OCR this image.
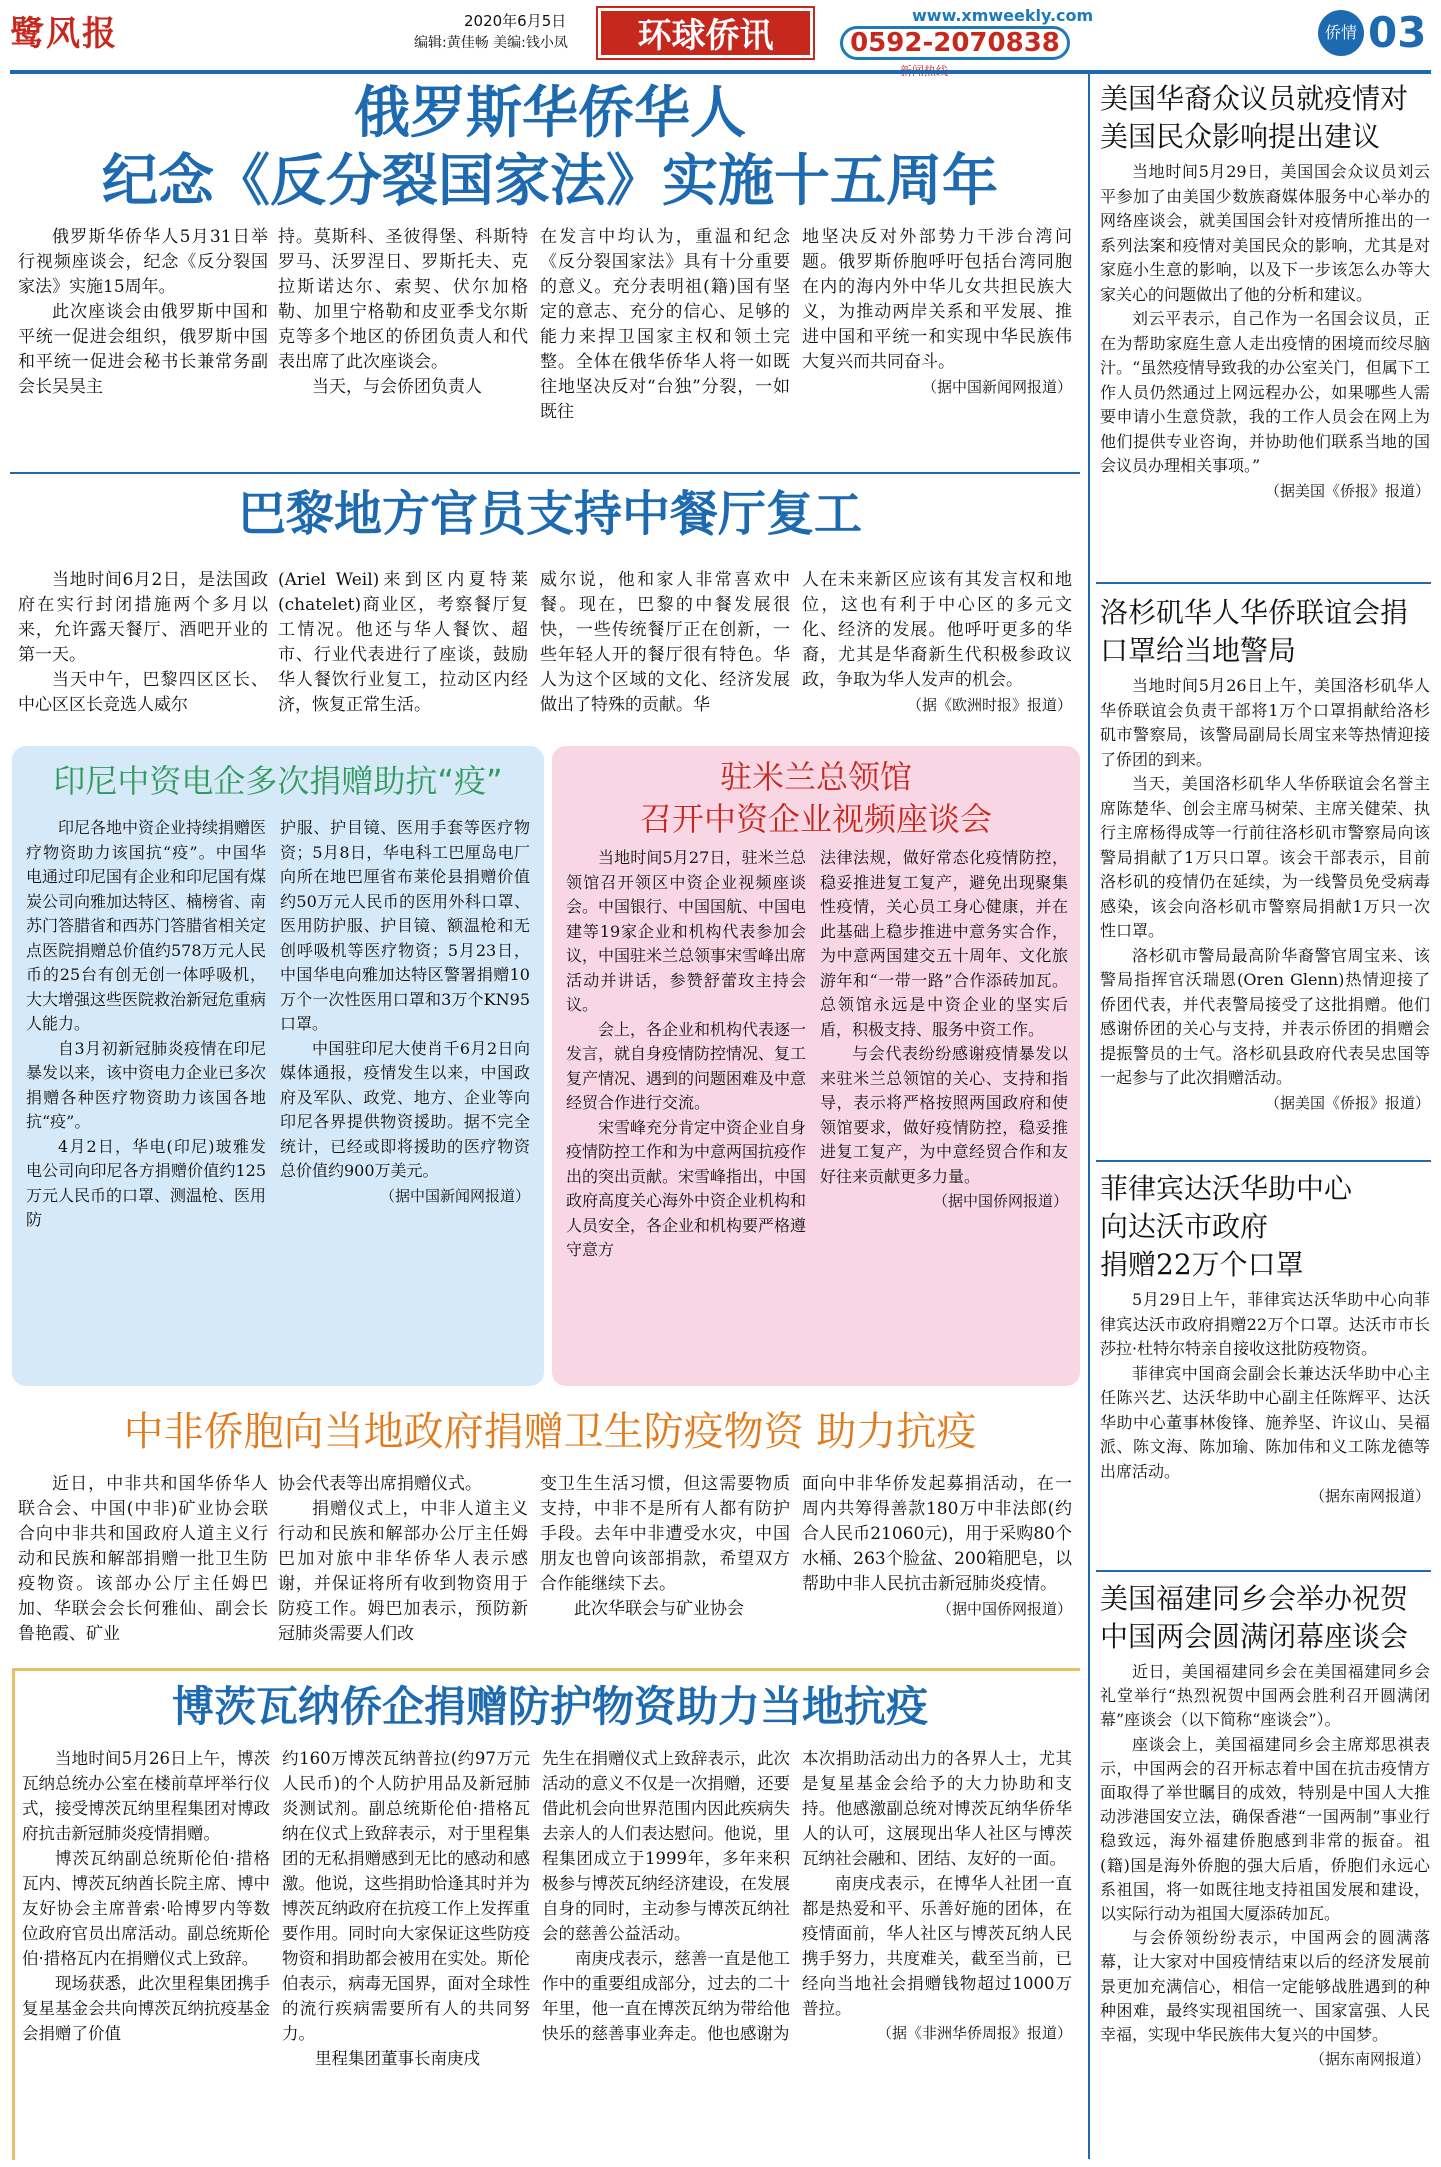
鹭风报	2020年6月5日
编辑:黄佳畅 美编:钱小凤	环球侨讯
www.xmweekly.com
0592-2070838	侨情 03
俄罗斯华侨华人
纪念《反分裂国家法》实施十五周年

俄罗斯华侨华人5月31日举行视频座谈会，纪念《反分裂国家法》实施15周年。

此次座谈会由俄罗斯中国和平统一促进会组织，俄罗斯中国和平统一促进会秘书长兼常务副会长吴昊主

持。莫斯科、圣彼得堡、科斯特罗马、沃罗涅日、罗斯托夫、克拉斯诺达尔、索契、伏尔加格勒、加里宁格勒和皮亚季戈尔斯克等多个地区的侨团负责人和代表出席了此次座谈会。

当天，与会侨团负责人

在发言中均认为，重温和纪念《反分裂国家法》具有十分重要的意义。充分表明祖(籍)国有坚定的意志、充分的信心、足够的能力来捍卫国家主权和领土完整。全体在俄华侨华人将一如既往地坚决反对“台独”分裂，一如既往

地坚决反对外部势力干涉台湾问题。俄罗斯侨胞呼吁包括台湾同胞在内的海内外中华儿女共担民族大义，为推动两岸关系和平发展、推进中国和平统一和实现中华民族伟大复兴而共同奋斗。

（据中国新闻网报道）
巴黎地方官员支持中餐厅复工

当地时间6月2日，是法国政府在实行封闭措施两个多月以来，允许露天餐厅、酒吧开业的第一天。

当天中午，巴黎四区区长、中心区区长竞选人威尔

(Ariel Weil)来到区内夏特莱(chatelet)商业区，考察餐厅复工情况。他还与华人餐饮、超市、行业代表进行了座谈，鼓励华人餐饮行业复工，拉动区内经济，恢复正常生活。

威尔说，他和家人非常喜欢中餐。现在，巴黎的中餐发展很快，一些传统餐厅正在创新，一些年轻人开的餐厅很有特色。华人为这个区域的文化、经济发展做出了特殊的贡献。华

人在未来新区应该有其发言权和地位，这也有利于中心区的多元文化、经济的发展。他呼吁更多的华裔，尤其是华裔新生代积极参政议政，争取为华人发声的机会。

（据《欧洲时报》报道）
印尼中资电企多次捐赠助抗“疫”

印尼各地中资企业持续捐赠医疗物资助力该国抗“疫”。中国华电通过印尼国有企业和印尼国有煤炭公司向雅加达特区、楠榜省、南苏门答腊省和西苏门答腊省相关定点医院捐赠总价值约578万元人民币的25台有创无创一体呼吸机，大大增强这些医院救治新冠危重病人能力。

自3月初新冠肺炎疫情在印尼暴发以来，该中资电力企业已多次捐赠各种医疗物资助力该国各地抗“疫”。

4月2日，华电(印尼)玻雅发电公司向印尼各方捐赠价值约125万元人民币的口罩、测温枪、医用防

护服、护目镜、医用手套等医疗物资；5月8日，华电科工巴厘岛电厂向所在地巴厘省布莱伦县捐赠价值约50万元人民币的医用外科口罩、医用防护服、护目镜、额温枪和无创呼吸机等医疗物资；5月23日，中国华电向雅加达特区警署捐赠10万个一次性医用口罩和3万个KN95口罩。

中国驻印尼大使肖千6月2日向媒体通报，疫情发生以来，中国政府及军队、政党、地方、企业等向印尼各界提供物资援助。据不完全统计，已经或即将援助的医疗物资总价值约900万美元。

（据中国新闻网报道）
驻米兰总领馆
召开中资企业视频座谈会

当地时间5月27日，驻米兰总领馆召开领区中资企业视频座谈会。中国银行、中国国航、中国电建等19家企业和机构代表参加会议，中国驻米兰总领事宋雪峰出席活动并讲话，参赞舒蕾玫主持会议。

会上，各企业和机构代表逐一发言，就自身疫情防控情况、复工复产情况、遇到的问题困难及中意经贸合作进行交流。

宋雪峰充分肯定中资企业自身疫情防控工作和为中意两国抗疫作出的突出贡献。宋雪峰指出，中国政府高度关心海外中资企业机构和人员安全，各企业和机构要严格遵守意方

法律法规，做好常态化疫情防控，稳妥推进复工复产，避免出现聚集性疫情，关心员工身心健康，并在此基础上稳步推进中意务实合作，为中意两国建交五十周年、文化旅游年和“一带一路”合作添砖加瓦。总领馆永远是中资企业的坚实后盾，积极支持、服务中资工作。

与会代表纷纷感谢疫情暴发以来驻米兰总领馆的关心、支持和指导，表示将严格按照两国政府和使领馆要求，做好疫情防控，稳妥推进复工复产，为中意经贸合作和友好往来贡献更多力量。

（据中国侨网报道）
中非侨胞向当地政府捐赠卫生防疫物资 助力抗疫

近日，中非共和国华侨华人联合会、中国(中非)矿业协会联合向中非共和国政府人道主义行动和民族和解部捐赠一批卫生防疫物资。该部办公厅主任姆巴加、华联会会长何雅仙、副会长鲁艳霞、矿业

协会代表等出席捐赠仪式。

捐赠仪式上，中非人道主义行动和民族和解部办公厅主任姆巴加对旅中非华侨华人表示感谢，并保证将所有收到物资用于防疫工作。姆巴加表示，预防新冠肺炎需要人们改

变卫生生活习惯，但这需要物质支持，中非不是所有人都有防护手段。去年中非遭受水灾，中国朋友也曾向该部捐款，希望双方合作能继续下去。

此次华联会与矿业协会

面向中非华侨发起募捐活动，在一周内共筹得善款180万中非法郎(约合人民币21060元)，用于采购80个水桶、263个脸盆、200箱肥皂，以帮助中非人民抗击新冠肺炎疫情。

（据中国侨网报道）
博茨瓦纳侨企捐赠防护物资助力当地抗疫

当地时间5月26日上午，博茨瓦纳总统办公室在楼前草坪举行仪式，接受博茨瓦纳里程集团对博政府抗击新冠肺炎疫情捐赠。

博茨瓦纳副总统斯伦伯·措格瓦内、博茨瓦纳酋长院主席、博中友好协会主席普索·哈博罗内等数位政府官员出席活动。副总统斯伦伯·措格瓦内在捐赠仪式上致辞。

现场获悉，此次里程集团携手复星基金会共向博茨瓦纳抗疫基金会捐赠了价值

约160万博茨瓦纳普拉(约97万元人民币)的个人防护用品及新冠肺炎测试剂。副总统斯伦伯·措格瓦纳在仪式上致辞表示，对于里程集团的无私捐赠感到无比的感动和感激。他说，这些捐助恰逢其时并为博茨瓦纳政府在抗疫工作上发挥重要作用。同时向大家保证这些防疫物资和捐助都会被用在实处。斯伦伯表示，病毒无国界，面对全球性的流行疾病需要所有人的共同努力。

里程集团董事长南庚戌

先生在捐赠仪式上致辞表示，此次活动的意义不仅是一次捐赠，还要借此机会向世界范围内因此疾病失去亲人的人们表达慰问。他说，里程集团成立于1999年，多年来积极参与博茨瓦纳经济建设，在发展自身的同时，主动参与博茨瓦纳社会的慈善公益活动。

南庚戌表示，慈善一直是他工作中的重要组成部分，过去的二十年里，他一直在博茨瓦纳为带给他快乐的慈善事业奔走。他也感谢为

本次捐助活动出力的各界人士，尤其是复星基金会给予的大力协助和支持。他感激副总统对博茨瓦纳华侨华人的认可，这展现出华人社区与博茨瓦纳社会融和、团结、友好的一面。

南庚戌表示，在博华人社团一直都是热爱和平、乐善好施的团体，在疫情面前，华人社区与博茨瓦纳人民携手努力，共度难关，截至当前，已经向当地社会捐赠钱物超过1000万普拉。

（据《非洲华侨周报》报道）
美国华裔众议员就疫情对美国民众影响提出建议

当地时间5月29日，美国国会众议员刘云平参加了由美国少数族裔媒体服务中心举办的网络座谈会，就美国国会针对疫情所推出的一系列法案和疫情对美国民众的影响，尤其是对家庭小生意的影响，以及下一步该怎么办等大家关心的问题做出了他的分析和建议。

刘云平表示，自己作为一名国会议员，正在为帮助家庭生意人走出疫情的困境而绞尽脑汁。“虽然疫情导致我的办公室关门，但属下工作人员仍然通过上网远程办公，如果哪些人需要申请小生意贷款，我的工作人员会在网上为他们提供专业咨询，并协助他们联系当地的国会议员办理相关事项。”

（据美国《侨报》报道）
洛杉矶华人华侨联谊会捐口罩给当地警局

当地时间5月26日上午，美国洛杉矶华人华侨联谊会负责干部将1万个口罩捐献给洛杉矶市警察局，该警局副局长周宝来等热情迎接了侨团的到来。

当天，美国洛杉矶华人华侨联谊会名誉主席陈楚华、创会主席马树荣、主席关健荣、执行主席杨得成等一行前往洛杉矶市警察局向该警局捐献了1万只口罩。该会干部表示，目前洛杉矶的疫情仍在延续，为一线警员免受病毒感染，该会向洛杉矶市警察局捐献1万只一次性口罩。

洛杉矶市警局最高阶华裔警官周宝来、该警局指挥官沃瑞恩(Oren Glenn)热情迎接了侨团代表，并代表警局接受了这批捐赠。他们感谢侨团的关心与支持，并表示侨团的捐赠会提振警员的士气。洛杉矶县政府代表吴忠国等一起参与了此次捐赠活动。

（据美国《侨报》报道）
菲律宾达沃华助中心
向达沃市政府
捐赠22万个口罩

5月29日上午，菲律宾达沃华助中心向菲律宾达沃市政府捐赠22万个口罩。达沃市市长莎拉·杜特尔特亲自接收这批防疫物资。

菲律宾中国商会副会长兼达沃华助中心主任陈兴艺、达沃华助中心副主任陈辉平、达沃华助中心董事林俊锋、施养坚、许议山、吴福派、陈文海、陈加瑜、陈加伟和义工陈龙德等出席活动。

（据东南网报道）
美国福建同乡会举办祝贺中国两会圆满闭幕座谈会

近日，美国福建同乡会在美国福建同乡会礼堂举行“热烈祝贺中国两会胜利召开圆满闭幕”座谈会（以下简称“座谈会”）。

座谈会上，美国福建同乡会主席郑思祺表示，中国两会的召开标志着中国在抗击疫情方面取得了举世瞩目的成效，特别是中国人大推动涉港国安立法，确保香港“一国两制”事业行稳致远，海外福建侨胞感到非常的振奋。祖(籍)国是海外侨胞的强大后盾，侨胞们永远心系祖国，将一如既往地支持祖国发展和建设，以实际行动为祖国大厦添砖加瓦。

与会侨领纷纷表示，中国两会的圆满落幕，让大家对中国疫情结束以后的经济发展前景更加充满信心，相信一定能够战胜遇到的种种困难，最终实现祖国统一、国家富强、人民幸福，实现中华民族伟大复兴的中国梦。

（据东南网报道）
